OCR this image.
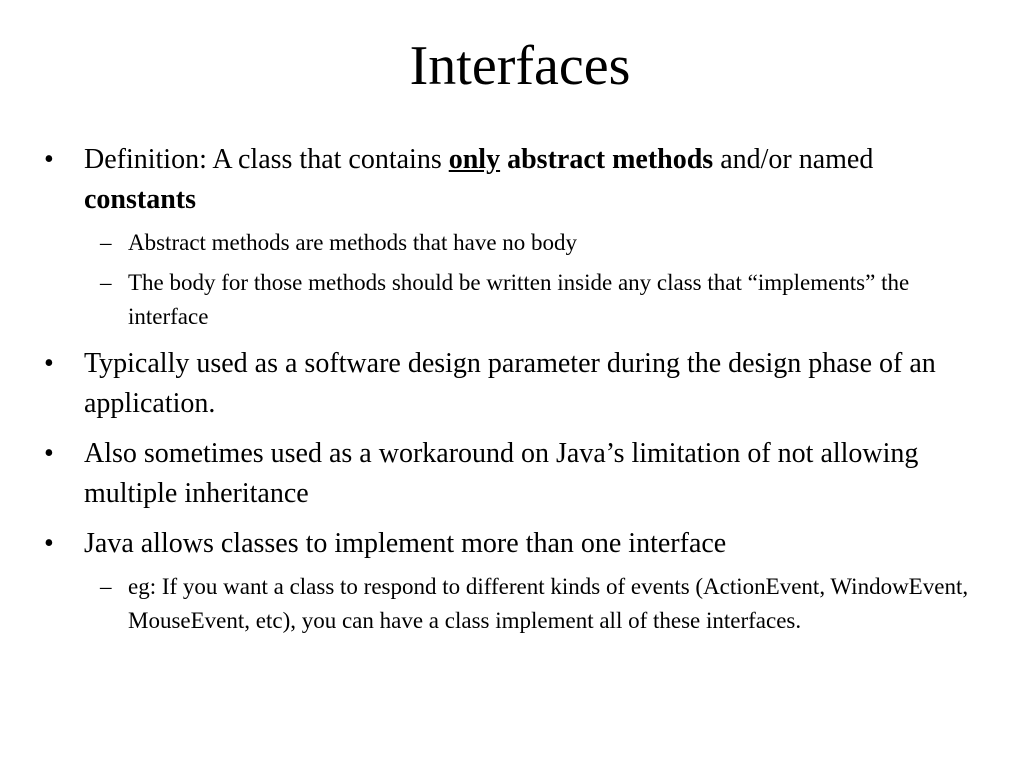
Interfaces
•	Definition: A class that contains only abstract methods and/or named constants
– Abstract methods are methods that have no body
– The body for those methods should be written inside any class that “implements” the interface
•	Typically used as a software design parameter during the design phase of an application.
•	Also sometimes used as a workaround on Java’s limitation of not allowing multiple inheritance
•	Java allows classes to implement more than one interface
– eg: If you want a class to respond to different kinds of events (ActionEvent, WindowEvent, MouseEvent, etc), you can have a class implement all of these interfaces.
